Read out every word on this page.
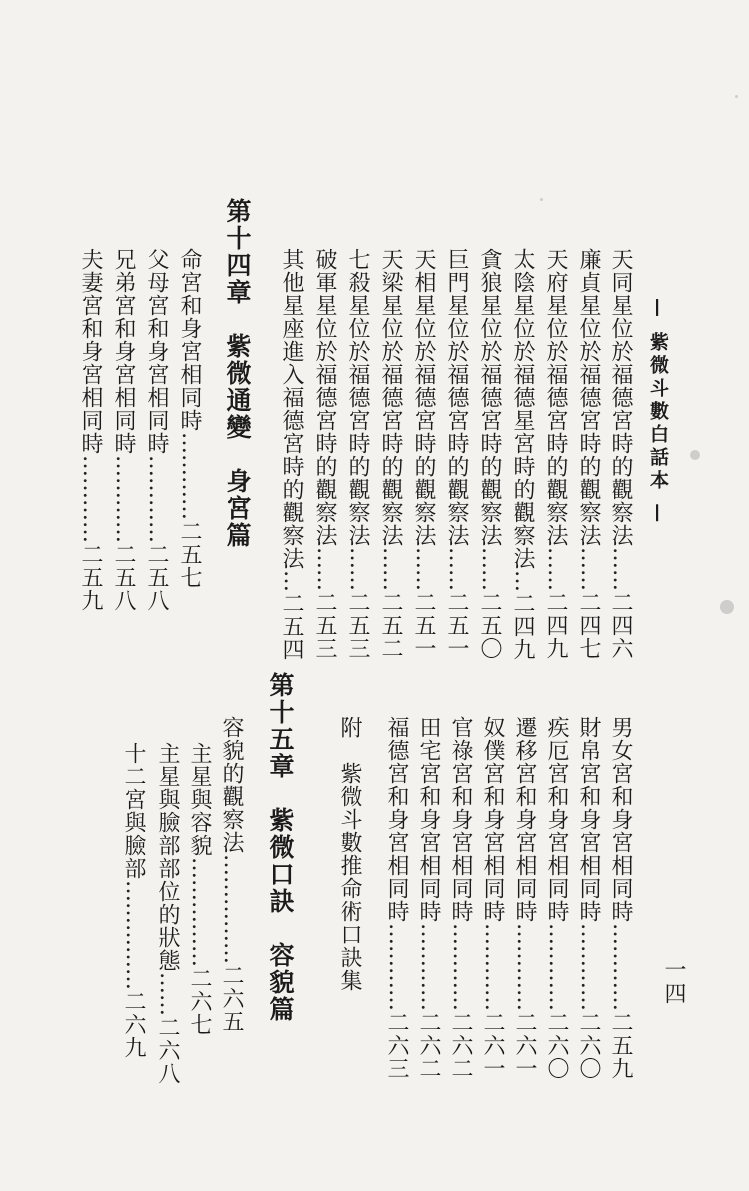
— 紫微斗數白話本 —
一四
天同星位於福德宮時的觀察法……二四六
廉貞星位於福德宮時的觀察法……二四七
天府星位於福德宮時的觀察法……二四九
太陰星位於福德星宮時的觀察法…二四九
貪狼星位於福德宮時的觀察法……二五〇
巨門星位於福德宮時的觀察法……二五一
天相星位於福德宮時的觀察法……二五一
天梁星位於福德宮時的觀察法……二五二
七殺星位於福德宮時的觀察法……二五三
破軍星位於福德宮時的觀察法……二五三
其他星座進入福德宮時的觀察法…二五四
第十四章　紫微通變　身宮篇
命宮和身宮相同時…………二五七
父母宮和身宮相同時…………二五八
兄弟宮和身宮相同時…………二五八
夫妻宮和身宮相同時…………二五九
男女宮和身宮相同時…………二五九
財帛宮和身宮相同時…………二六〇
疾厄宮和身宮相同時…………二六〇
遷移宮和身宮相同時…………二六一
奴僕宮和身宮相同時…………二六一
官祿宮和身宮相同時…………二六二
田宅宮和身宮相同時…………二六二
福德宮和身宮相同時…………二六三
附　紫微斗數推命術口訣集
第十五章　紫微口訣　容貌篇
容貌的觀察法……………二六五
主星與容貌……………二六七
主星與臉部部位的狀態……二六八
十二宮與臉部……………二六九
